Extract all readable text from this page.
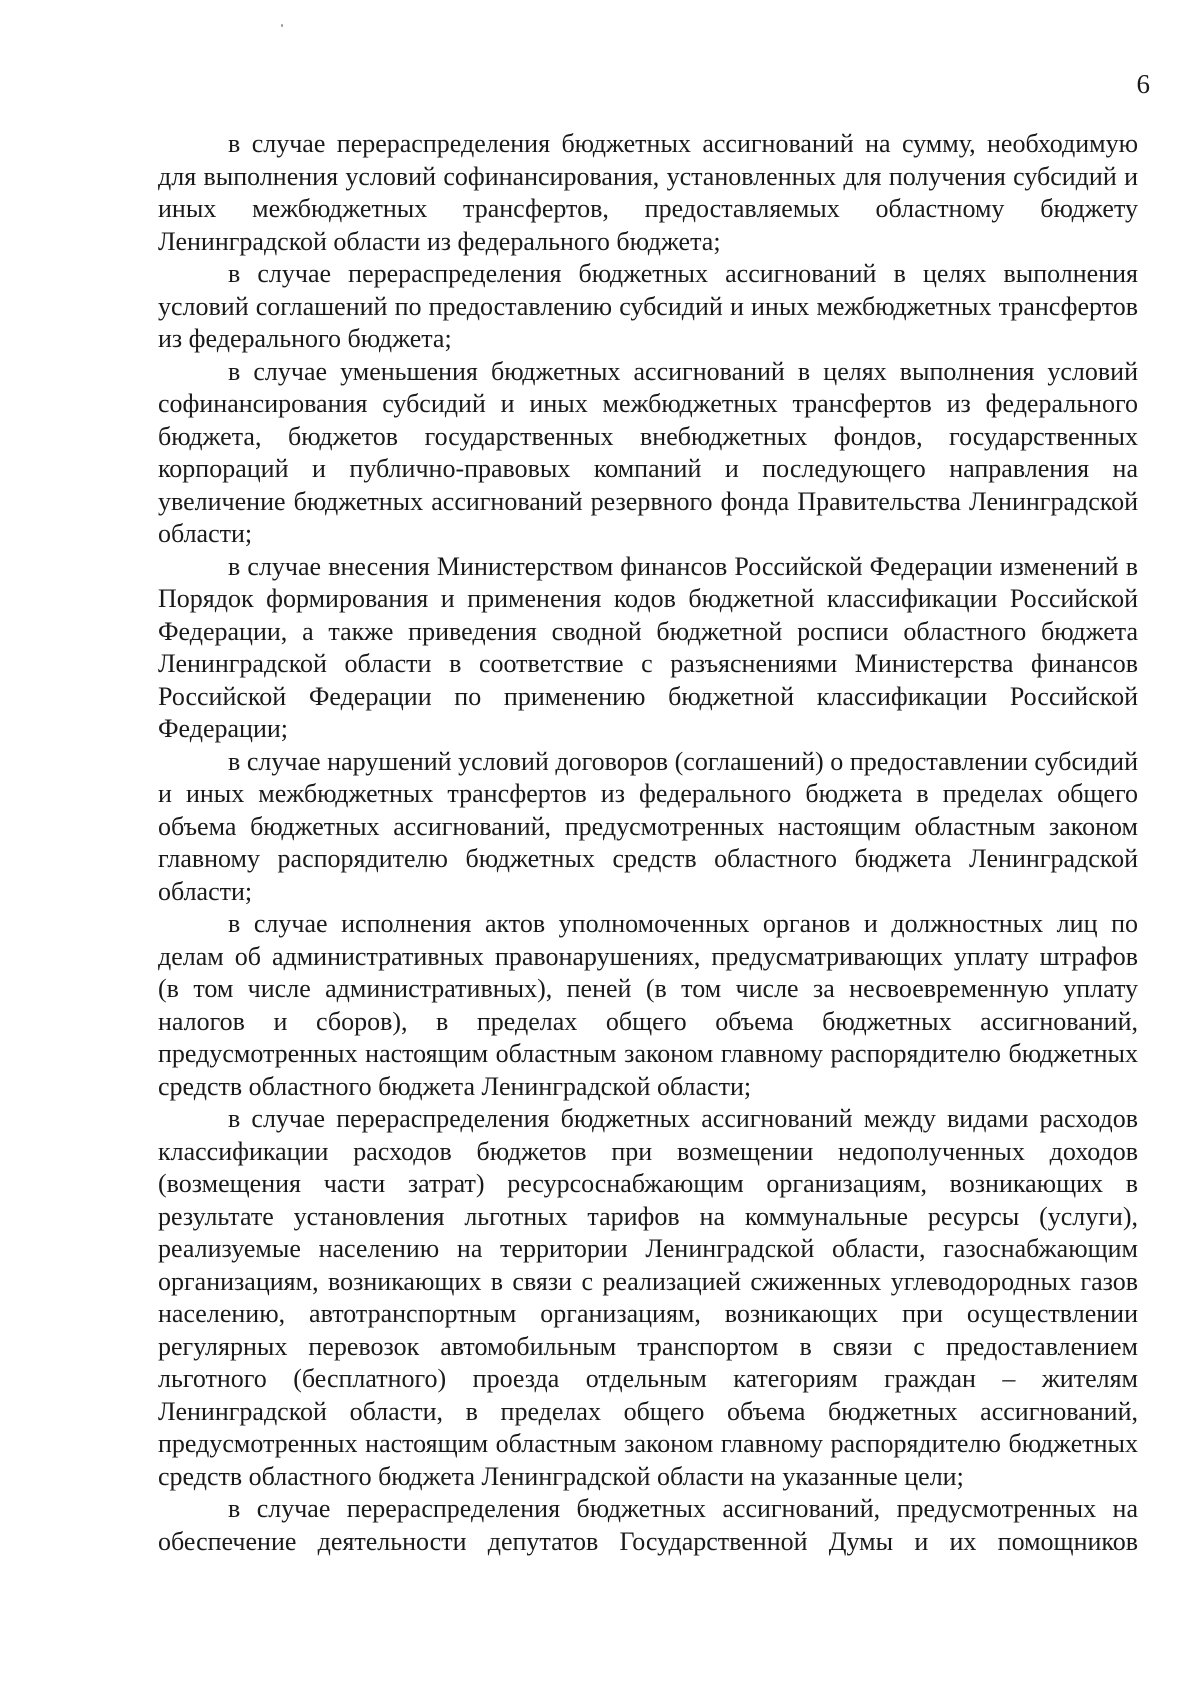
6

в случае перераспределения бюджетных ассигнований на сумму, необходимую для выполнения условий софинансирования, установленных для получения субсидий и иных межбюджетных трансфертов, предоставляемых областному бюджету Ленинградской области из федерального бюджета;

в случае перераспределения бюджетных ассигнований в целях выполнения условий соглашений по предоставлению субсидий и иных межбюджетных трансфертов из федерального бюджета;

в случае уменьшения бюджетных ассигнований в целях выполнения условий софинансирования субсидий и иных межбюджетных трансфертов из федерального бюджета, бюджетов государственных внебюджетных фондов, государственных корпораций и публично-правовых компаний и последующего направления на увеличение бюджетных ассигнований резервного фонда Правительства Ленинградской области;

в случае внесения Министерством финансов Российской Федерации изменений в Порядок формирования и применения кодов бюджетной классификации Российской Федерации, а также приведения сводной бюджетной росписи областного бюджета Ленинградской области в соответствие с разъяснениями Министерства финансов Российской Федерации по применению бюджетной классификации Российской Федерации;

в случае нарушений условий договоров (соглашений) о предоставлении субсидий и иных межбюджетных трансфертов из федерального бюджета в пределах общего объема бюджетных ассигнований, предусмотренных настоящим областным законом главному распорядителю бюджетных средств областного бюджета Ленинградской области;

в случае исполнения актов уполномоченных органов и должностных лиц по делам об административных правонарушениях, предусматривающих уплату штрафов (в том числе административных), пеней (в том числе за несвоевременную уплату налогов и сборов), в пределах общего объема бюджетных ассигнований, предусмотренных настоящим областным законом главному распорядителю бюджетных средств областного бюджета Ленинградской области;

в случае перераспределения бюджетных ассигнований между видами расходов классификации расходов бюджетов при возмещении недополученных доходов (возмещения части затрат) ресурсоснабжающим организациям, возникающих в результате установления льготных тарифов на коммунальные ресурсы (услуги), реализуемые населению на территории Ленинградской области, газоснабжающим организациям, возникающих в связи с реализацией сжиженных углеводородных газов населению, автотранспортным организациям, возникающих при осуществлении регулярных перевозок автомобильным транспортом в связи с предоставлением льготного (бесплатного) проезда отдельным категориям граждан – жителям Ленинградской области, в пределах общего объема бюджетных ассигнований, предусмотренных настоящим областным законом главному распорядителю бюджетных средств областного бюджета Ленинградской области на указанные цели;

в случае перераспределения бюджетных ассигнований, предусмотренных на обеспечение деятельности депутатов Государственной Думы и их помощников
